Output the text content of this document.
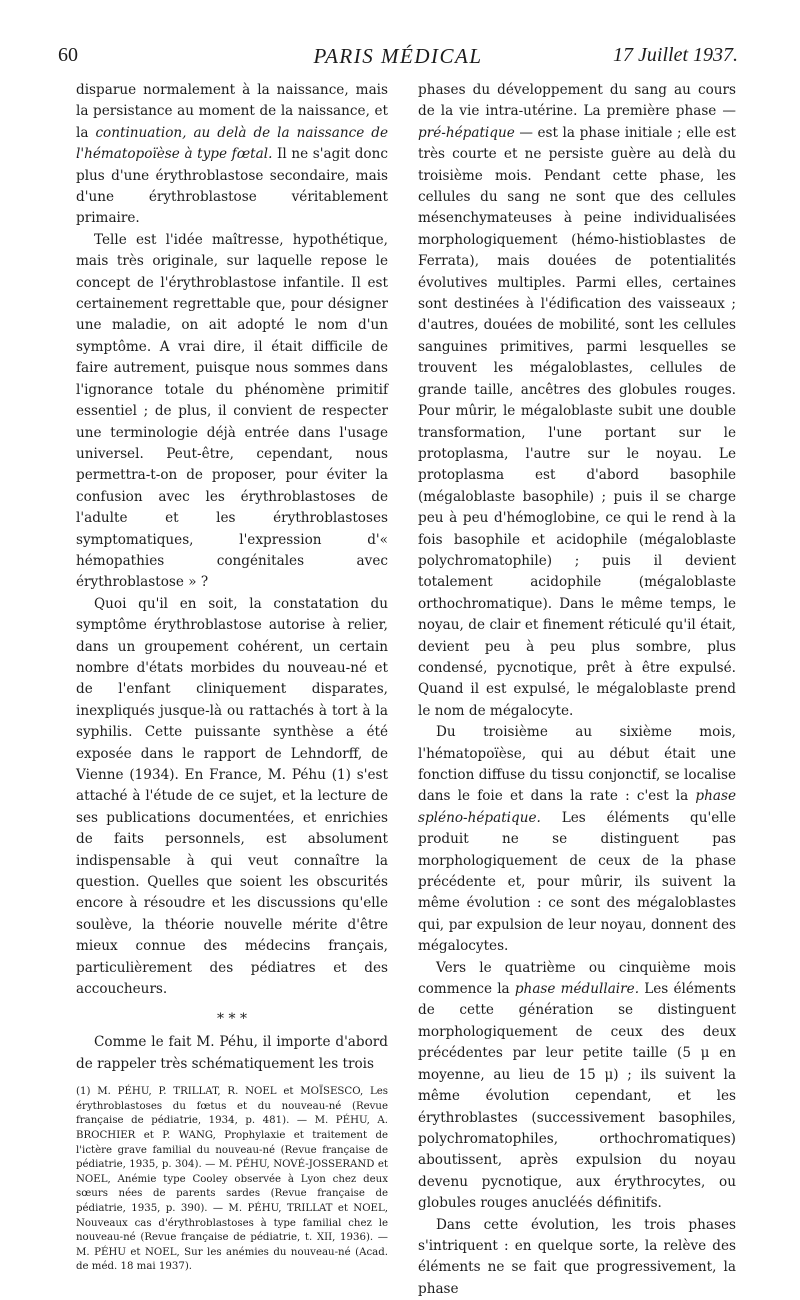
60	PARIS MÉDICAL	17 Juillet 1937.

disparue normalement à la naissance, mais la persistance au moment de la naissance, et la continuation, au delà de la naissance de l'hématopoïèse à type fœtal. Il ne s'agit donc plus d'une érythroblastose secondaire, mais d'une érythroblastose véritablement primaire.

Telle est l'idée maîtresse, hypothétique, mais très originale, sur laquelle repose le concept de l'érythroblastose infantile. Il est certainement regrettable que, pour désigner une maladie, on ait adopté le nom d'un symptôme. A vrai dire, il était difficile de faire autrement, puisque nous sommes dans l'ignorance totale du phénomène primitif essentiel ; de plus, il convient de respecter une terminologie déjà entrée dans l'usage universel. Peut-être, cependant, nous permettra-t-on de proposer, pour éviter la confusion avec les érythroblastoses de l'adulte et les érythroblastoses symptomatiques, l'expression d'« hémopathies congénitales avec érythroblastose » ?

Quoi qu'il en soit, la constatation du symptôme érythroblastose autorise à relier, dans un groupement cohérent, un certain nombre d'états morbides du nouveau-né et de l'enfant cliniquement disparates, inexpliqués jusque-là ou rattachés à tort à la syphilis. Cette puissante synthèse a été exposée dans le rapport de Lehndorff, de Vienne (1934). En France, M. Péhu (1) s'est attaché à l'étude de ce sujet, et la lecture de ses publications documentées, et enrichies de faits personnels, est absolument indispensable à qui veut connaître la question. Quelles que soient les obscurités encore à résoudre et les discussions qu'elle soulève, la théorie nouvelle mérite d'être mieux connue des médecins français, particulièrement des pédiatres et des accoucheurs.

* * *

Comme le fait M. Péhu, il importe d'abord de rappeler très schématiquement les trois

(1) M. PÉHU, P. TRILLAT, R. NOEL et MOÏSESCO, Les érythroblastoses du fœtus et du nouveau-né (Revue française de pédiatrie, 1934, p. 481). — M. PÉHU, A. BROCHIER et P. WANG, Prophylaxie et traitement de l'ictère grave familial du nouveau-né (Revue française de pédiatrie, 1935, p. 304). — M. PÉHU, NOVÉ-JOSSERAND et NOEL, Anémie type Cooley observée à Lyon chez deux sœurs nées de parents sardes (Revue française de pédiatrie, 1935, p. 390). — M. PÉHU, TRILLAT et NOEL, Nouveaux cas d'érythroblastoses à type familial chez le nouveau-né (Revue française de pédiatrie, t. XII, 1936). — M. PÉHU et NOEL, Sur les anémies du nouveau-né (Acad. de méd. 18 mai 1937).

phases du développement du sang au cours de la vie intra-utérine. La première phase — pré-hépatique — est la phase initiale ; elle est très courte et ne persiste guère au delà du troisième mois. Pendant cette phase, les cellules du sang ne sont que des cellules mésenchymateuses à peine individualisées morphologiquement (hémo-histioblastes de Ferrata), mais douées de potentialités évolutives multiples. Parmi elles, certaines sont destinées à l'édification des vaisseaux ; d'autres, douées de mobilité, sont les cellules sanguines primitives, parmi lesquelles se trouvent les mégaloblastes, cellules de grande taille, ancêtres des globules rouges. Pour mûrir, le mégaloblaste subit une double transformation, l'une portant sur le protoplasma, l'autre sur le noyau. Le protoplasma est d'abord basophile (mégaloblaste basophile) ; puis il se charge peu à peu d'hémoglobine, ce qui le rend à la fois basophile et acidophile (mégaloblaste polychromatophile) ; puis il devient totalement acidophile (mégaloblaste orthochromatique). Dans le même temps, le noyau, de clair et finement réticulé qu'il était, devient peu à peu plus sombre, plus condensé, pycnotique, prêt à être expulsé. Quand il est expulsé, le mégaloblaste prend le nom de mégalocyte.

Du troisième au sixième mois, l'hématopoïèse, qui au début était une fonction diffuse du tissu conjonctif, se localise dans le foie et dans la rate : c'est la phase spléno-hépatique. Les éléments qu'elle produit ne se distinguent pas morphologiquement de ceux de la phase précédente et, pour mûrir, ils suivent la même évolution : ce sont des mégaloblastes qui, par expulsion de leur noyau, donnent des mégalocytes.

Vers le quatrième ou cinquième mois commence la phase médullaire. Les éléments de cette génération se distinguent morphologiquement de ceux des deux précédentes par leur petite taille (5 μ en moyenne, au lieu de 15 μ) ; ils suivent la même évolution cependant, et les érythroblastes (successivement basophiles, polychromatophiles, orthochromatiques) aboutissent, après expulsion du noyau devenu pycnotique, aux érythrocytes, ou globules rouges anucléés définitifs.

Dans cette évolution, les trois phases s'intriquent : en quelque sorte, la relève des éléments ne se fait que progressivement, la phase
